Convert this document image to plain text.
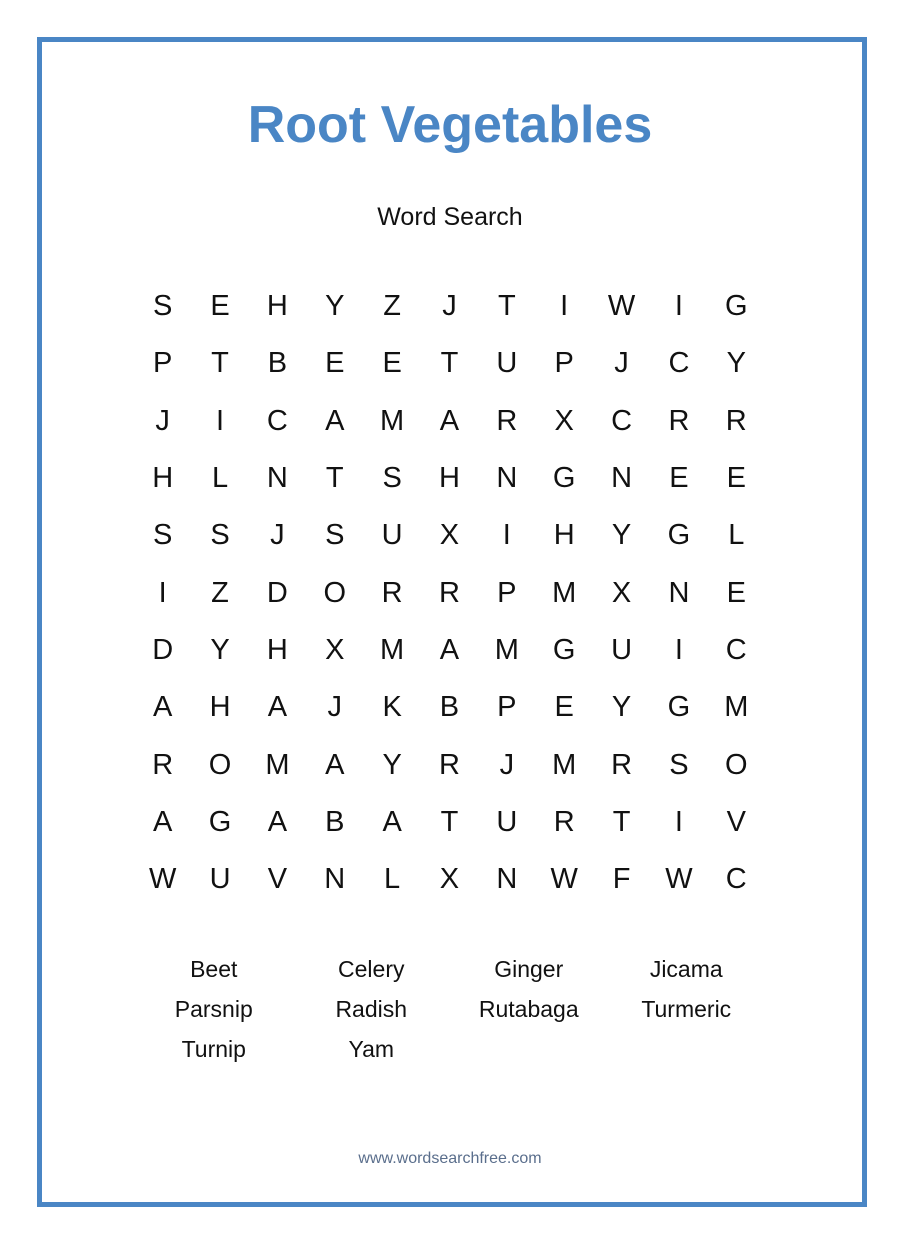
Root Vegetables
Word Search
S	E	H	Y	Z	J	T	I	W	I	G
P	T	B	E	E	T	U	P	J	C	Y
J	I	C	A	M	A	R	X	C	R	R
H	L	N	T	S	H	N	G	N	E	E
S	S	J	S	U	X	I	H	Y	G	L
I	Z	D	O	R	R	P	M	X	N	E
D	Y	H	X	M	A	M	G	U	I	C
A	H	A	J	K	B	P	E	Y	G	M
R	O	M	A	Y	R	J	M	R	S	O
A	G	A	B	A	T	U	R	T	I	V
W	U	V	N	L	X	N	W	F	W	C
Beet	Celery	Ginger	Jicama
Parsnip	Radish	Rutabaga	Turmeric
Turnip	Yam
www.wordsearchfree.com
